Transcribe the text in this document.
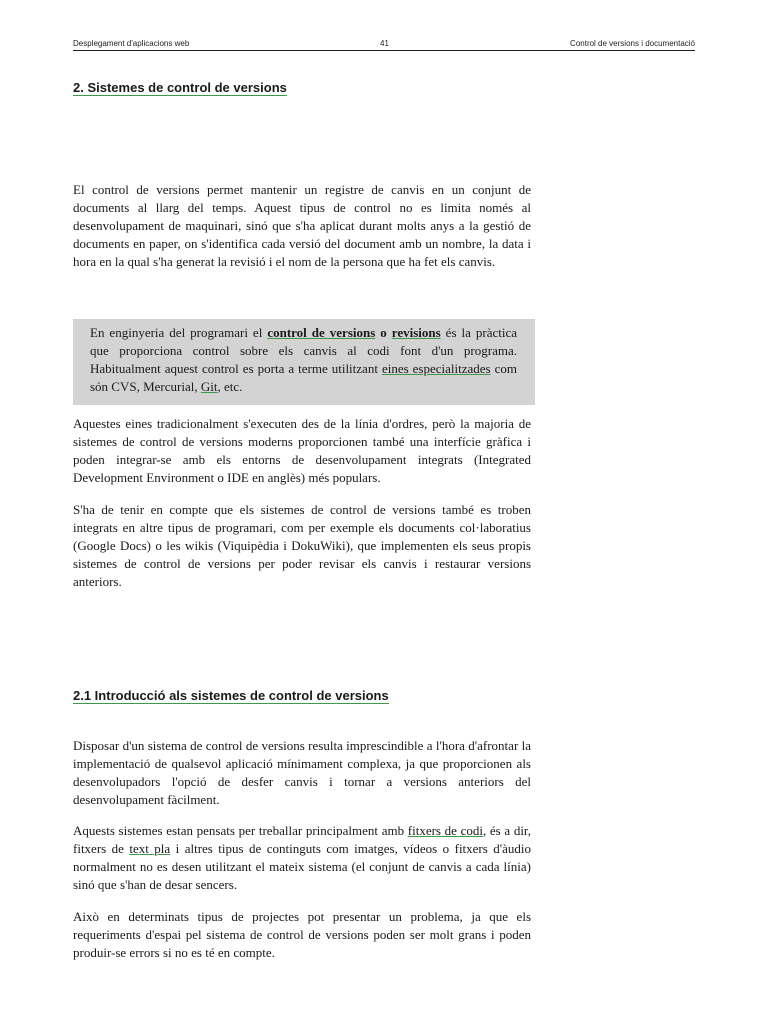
Desplegament d'aplicacions web	41	Control de versions i documentació
2. Sistemes de control de versions

El control de versions permet mantenir un registre de canvis en un conjunt de documents al llarg del temps. Aquest tipus de control no es limita només al desenvolupament de maquinari, sinó que s'ha aplicat durant molts anys a la gestió de documents en paper, on s'identifica cada versió del document amb un nombre, la data i hora en la qual s'ha generat la revisió i el nom de la persona que ha fet els canvis.

En enginyeria del programari el control de versions o revisions és la pràctica que proporciona control sobre els canvis al codi font d'un programa. Habitualment aquest control es porta a terme utilitzant eines especialitzades com són CVS, Mercurial, Git, etc.

Aquestes eines tradicionalment s'executen des de la línia d'ordres, però la majoria de sistemes de control de versions moderns proporcionen també una interfície gràfica i poden integrar-se amb els entorns de desenvolupament integrats (Integrated Development Environment o IDE en anglès) més populars.

S'ha de tenir en compte que els sistemes de control de versions també es troben integrats en altre tipus de programari, com per exemple els documents col·laboratius (Google Docs) o les wikis (Viquipèdia i DokuWiki), que implementen els seus propis sistemes de control de versions per poder revisar els canvis i restaurar versions anteriors.

2.1 Introducció als sistemes de control de versions

Disposar d'un sistema de control de versions resulta imprescindible a l'hora d'afrontar la implementació de qualsevol aplicació mínimament complexa, ja que proporcionen als desenvolupadors l'opció de desfer canvis i tornar a versions anteriors del desenvolupament fàcilment.

Aquests sistemes estan pensats per treballar principalment amb fitxers de codi, és a dir, fitxers de text pla i altres tipus de continguts com imatges, vídeos o fitxers d'àudio normalment no es desen utilitzant el mateix sistema (el conjunt de canvis a cada línia) sinó que s'han de desar sencers.

Això en determinats tipus de projectes pot presentar un problema, ja que els requeriments d'espai pel sistema de control de versions poden ser molt grans i poden produir-se errors si no es té en compte.
